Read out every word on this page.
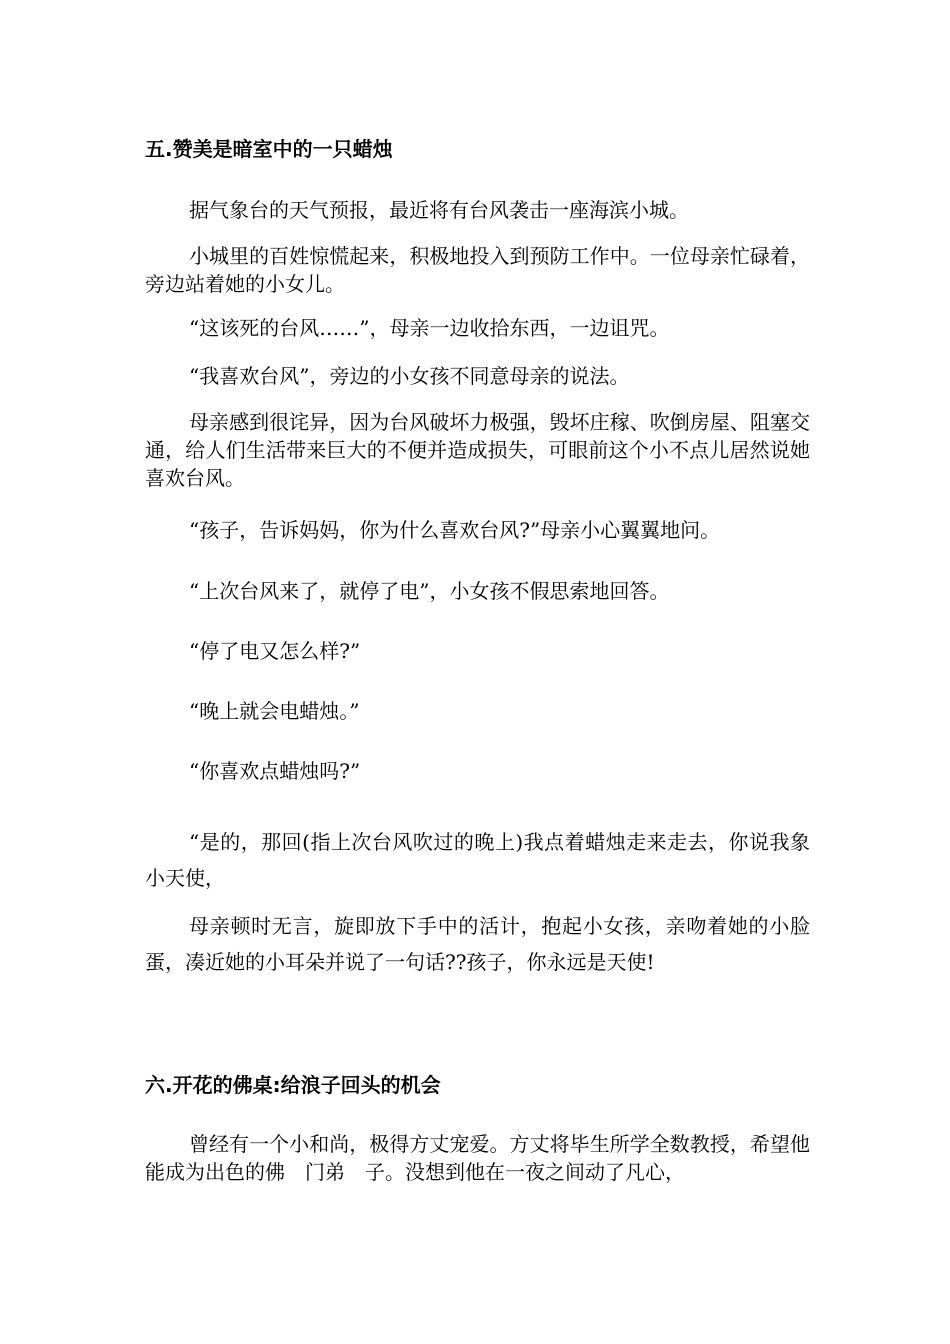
五.赞美是暗室中的一只蜡烛

据气象台的天气预报，最近将有台风袭击一座海滨小城。

小城里的百姓惊慌起来，积极地投入到预防工作中。一位母亲忙碌着，旁边站着她的小女儿。

“这该死的台风……”，母亲一边收拾东西，一边诅咒。

“我喜欢台风”，旁边的小女孩不同意母亲的说法。

母亲感到很诧异，因为台风破坏力极强，毁坏庄稼、吹倒房屋、阻塞交通，给人们生活带来巨大的不便并造成损失，可眼前这个小不点儿居然说她喜欢台风。

“孩子，告诉妈妈，你为什么喜欢台风?”母亲小心翼翼地问。

“上次台风来了，就停了电”，小女孩不假思索地回答。

“停了电又怎么样?”

“晚上就会电蜡烛。”

“你喜欢点蜡烛吗?”

“是的，那回(指上次台风吹过的晚上)我点着蜡烛走来走去，你说我象小天使，

母亲顿时无言，旋即放下手中的活计，抱起小女孩，亲吻着她的小脸蛋，凑近她的小耳朵并说了一句话??孩子，你永远是天使!

六.开花的佛桌:给浪子回头的机会

曾经有一个小和尚，极得方丈宠爱。方丈将毕生所学全数教授，希望他能成为出色的佛　门弟　子。没想到他在一夜之间动了凡心，
